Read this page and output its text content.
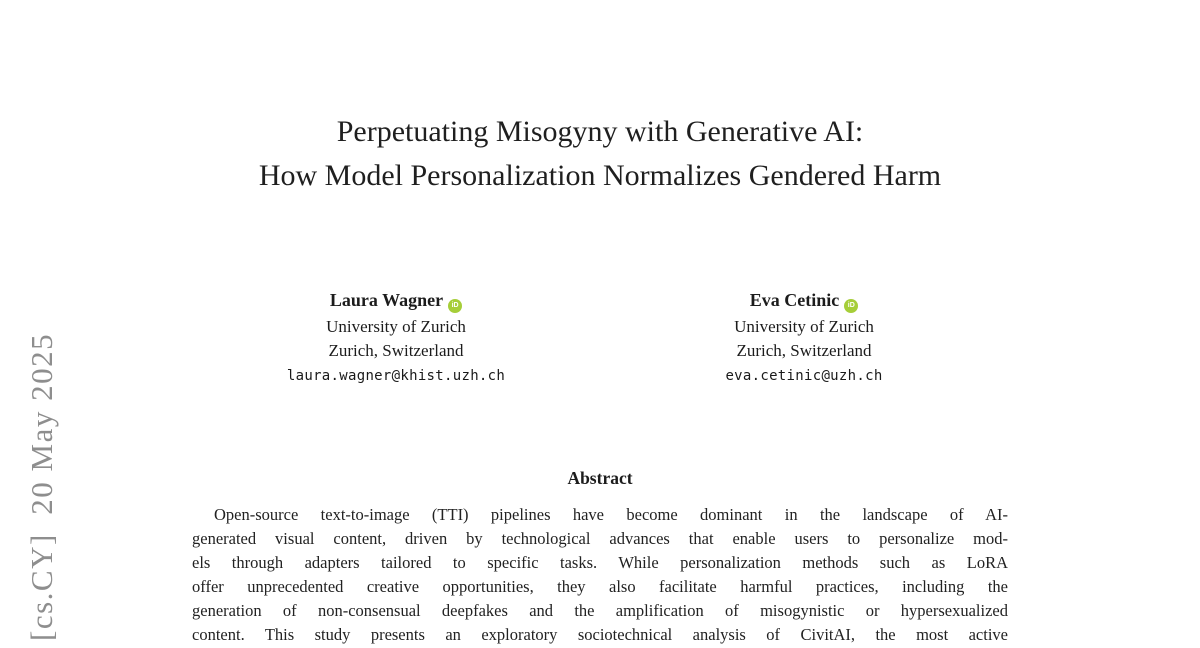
[cs.CY]  20 May 2025
Perpetuating Misogyny with Generative AI:
How Model Personalization Normalizes Gendered Harm
Laura Wagner iD
University of Zurich
Zurich, Switzerland
laura.wagner@khist.uzh.ch
Eva Cetinic iD
University of Zurich
Zurich, Switzerland
eva.cetinic@uzh.ch
Abstract
Open-source text-to-image (TTI) pipelines have become dominant in the landscape of AI-
generated visual content, driven by technological advances that enable users to personalize mod-
els through adapters tailored to specific tasks. While personalization methods such as LoRA
offer unprecedented creative opportunities, they also facilitate harmful practices, including the
generation of non-consensual deepfakes and the amplification of misogynistic or hypersexualized
content. This study presents an exploratory sociotechnical analysis of CivitAI, the most active
